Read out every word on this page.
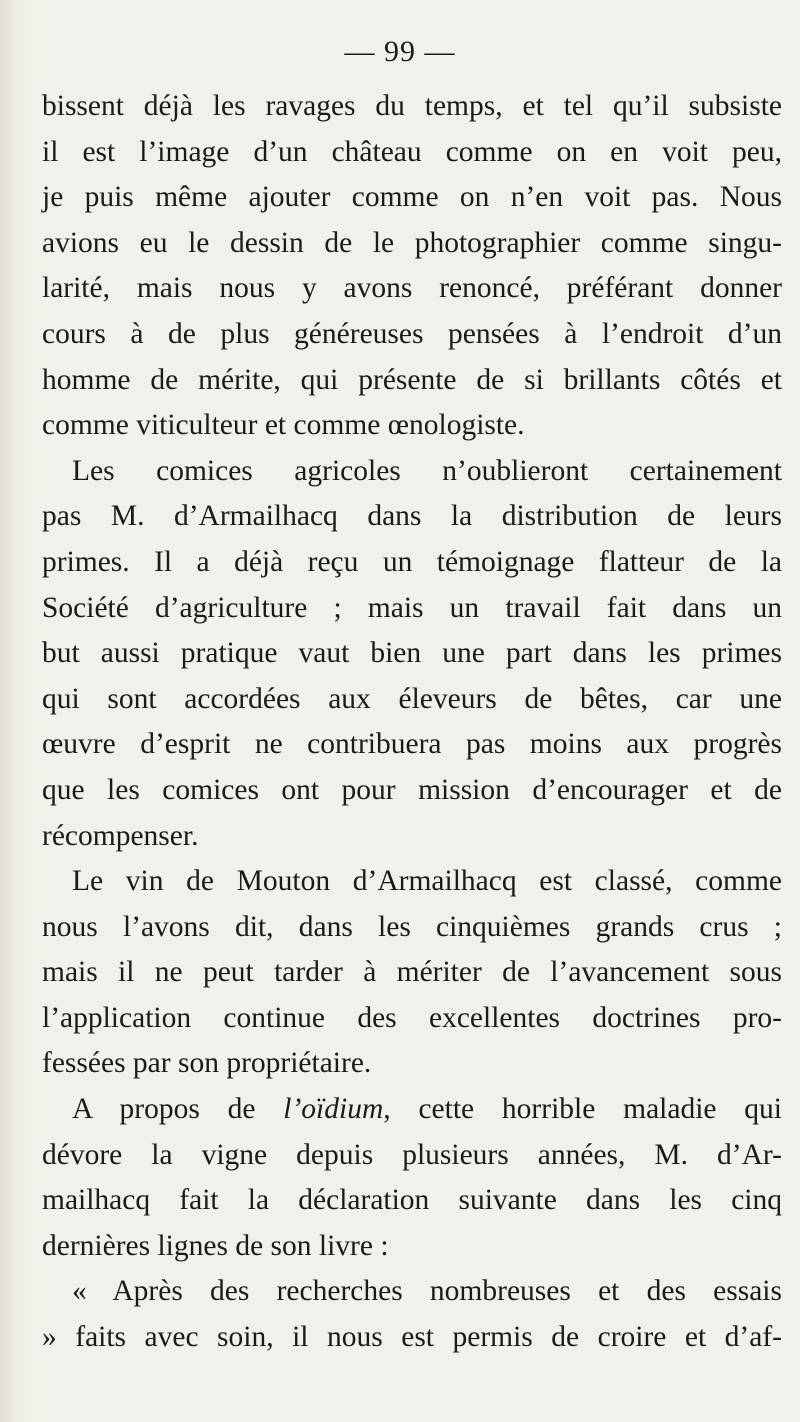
— 99 —
bissent déjà les ravages du temps, et tel qu’il subsiste
il est l’image d’un château comme on en voit peu,
je puis même ajouter comme on n’en voit pas. Nous
avions eu le dessin de le photographier comme singu-
larité, mais nous y avons renoncé, préférant donner
cours à de plus généreuses pensées à l’endroit d’un
homme de mérite, qui présente de si brillants côtés et
comme viticulteur et comme œnologiste.
Les comices agricoles n’oublieront certainement
pas M. d’Armailhacq dans la distribution de leurs
primes. Il a déjà reçu un témoignage flatteur de la
Société d’agriculture ; mais un travail fait dans un
but aussi pratique vaut bien une part dans les primes
qui sont accordées aux éleveurs de bêtes, car une
œuvre d’esprit ne contribuera pas moins aux progrès
que les comices ont pour mission d’encourager et de
récompenser.
Le vin de Mouton d’Armailhacq est classé, comme
nous l’avons dit, dans les cinquièmes grands crus ;
mais il ne peut tarder à mériter de l’avancement sous
l’application continue des excellentes doctrines pro-
fessées par son propriétaire.
A propos de l’oïdium, cette horrible maladie qui
dévore la vigne depuis plusieurs années, M. d’Ar-
mailhacq fait la déclaration suivante dans les cinq
dernières lignes de son livre :
« Après des recherches nombreuses et des essais
» faits avec soin, il nous est permis de croire et d’af-
